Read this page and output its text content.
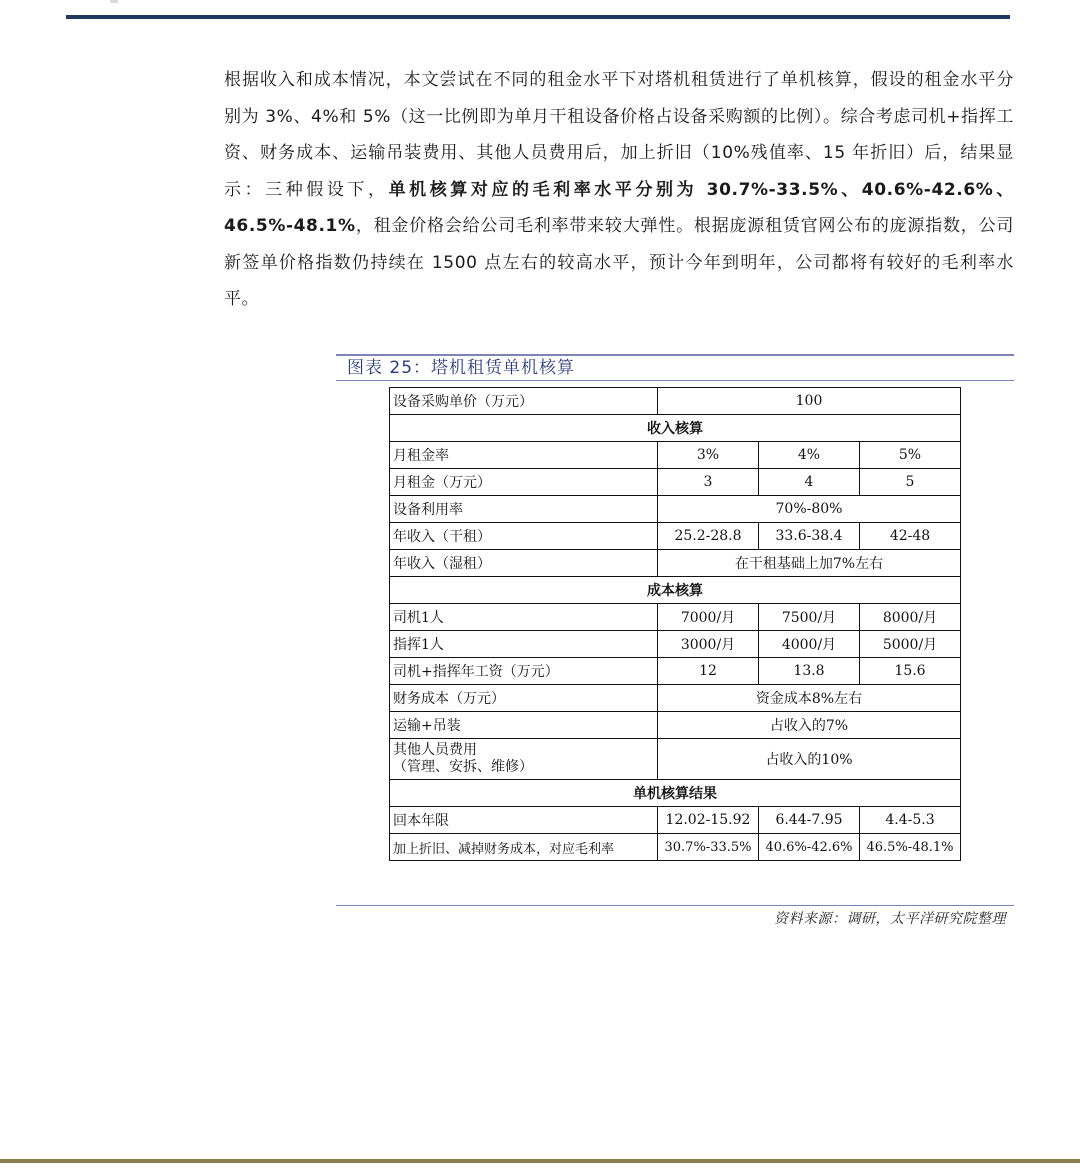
根据收入和成本情况，本文尝试在不同的租金水平下对塔机租赁进行了单机核算，假设的租金水平分别为 3%、4%和 5%（这一比例即为单月干租设备价格占设备采购额的比例）。综合考虑司机+指挥工资、财务成本、运输吊装费用、其他人员费用后，加上折旧（10%残值率、15 年折旧）后，结果显示：三种假设下，单机核算对应的毛利率水平分别为 30.7%-33.5%、40.6%-42.6%、46.5%-48.1%，租金价格会给公司毛利率带来较大弹性。根据庞源租赁官网公布的庞源指数，公司新签单价格指数仍持续在 1500 点左右的较高水平，预计今年到明年，公司都将有较好的毛利率水平。
图表 25：塔机租赁单机核算
设备采购单价（万元）	100		
收入核算			
月租金率	3%	4%	5%
月租金（万元）	3	4	5
设备利用率	70%-80%		
年收入（干租）	25.2-28.8	33.6-38.4	42-48
年收入（湿租）	在干租基础上加7%左右		
成本核算			
司机1人	7000/月	7500/月	8000/月
指挥1人	3000/月	4000/月	5000/月
司机+指挥年工资（万元）	12	13.8	15.6
财务成本（万元）	资金成本8%左右		
运输+吊装	占收入的7%		

其他人员费用
（管理、安拆、维修）	占收入的10%		
单机核算结果			
回本年限	12.02-15.92	6.44-7.95	4.4-5.3
加上折旧、减掉财务成本，对应毛利率	30.7%-33.5%	40.6%-42.6%	46.5%-48.1%
资料来源：调研，太平洋研究院整理
